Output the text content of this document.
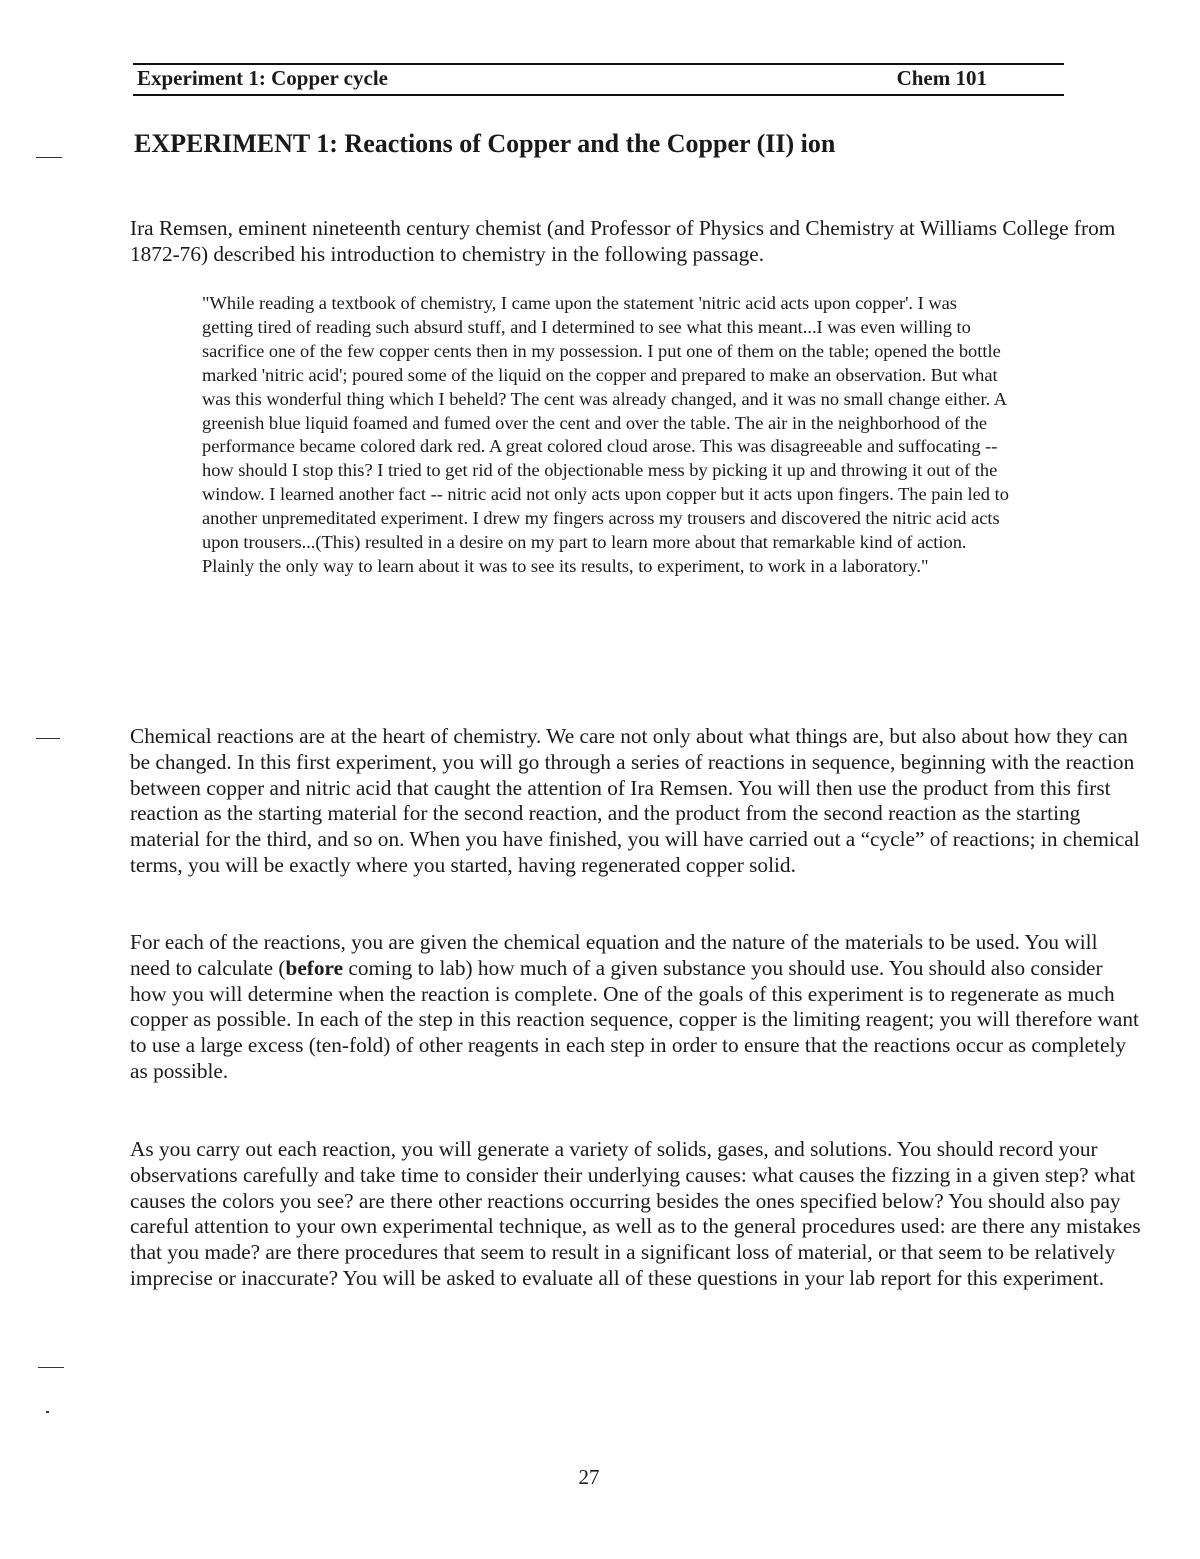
Experiment 1: Copper cycle	Chem 101
EXPERIMENT 1: Reactions of Copper and the Copper (II) ion

Ira Remsen, eminent nineteenth century chemist (and Professor of Physics and Chemistry at Williams College from 1872-76) described his introduction to chemistry in the following passage.

"While reading a textbook of chemistry, I came upon the statement 'nitric acid acts upon copper'. I was getting tired of reading such absurd stuff, and I determined to see what this meant...I was even willing to sacrifice one of the few copper cents then in my possession. I put one of them on the table; opened the bottle marked 'nitric acid'; poured some of the liquid on the copper and prepared to make an observation. But what was this wonderful thing which I beheld? The cent was already changed, and it was no small change either. A greenish blue liquid foamed and fumed over the cent and over the table. The air in the neighborhood of the performance became colored dark red. A great colored cloud arose. This was disagreeable and suffocating -- how should I stop this? I tried to get rid of the objectionable mess by picking it up and throwing it out of the window. I learned another fact -- nitric acid not only acts upon copper but it acts upon fingers. The pain led to another unpremeditated experiment. I drew my fingers across my trousers and discovered the nitric acid acts upon trousers...(This) resulted in a desire on my part to learn more about that remarkable kind of action. Plainly the only way to learn about it was to see its results, to experiment, to work in a laboratory."

Chemical reactions are at the heart of chemistry. We care not only about what things are, but also about how they can be changed. In this first experiment, you will go through a series of reactions in sequence, beginning with the reaction between copper and nitric acid that caught the attention of Ira Remsen. You will then use the product from this first reaction as the starting material for the second reaction, and the product from the second reaction as the starting material for the third, and so on. When you have finished, you will have carried out a “cycle” of reactions; in chemical terms, you will be exactly where you started, having regenerated copper solid.

For each of the reactions, you are given the chemical equation and the nature of the materials to be used. You will need to calculate (before coming to lab) how much of a given substance you should use. You should also consider how you will determine when the reaction is complete. One of the goals of this experiment is to regenerate as much copper as possible. In each of the step in this reaction sequence, copper is the limiting reagent; you will therefore want to use a large excess (ten-fold) of other reagents in each step in order to ensure that the reactions occur as completely as possible.

As you carry out each reaction, you will generate a variety of solids, gases, and solutions. You should record your observations carefully and take time to consider their underlying causes: what causes the fizzing in a given step? what causes the colors you see? are there other reactions occurring besides the ones specified below? You should also pay careful attention to your own experimental technique, as well as to the general procedures used: are there any mistakes that you made? are there procedures that seem to result in a significant loss of material, or that seem to be relatively imprecise or inaccurate? You will be asked to evaluate all of these questions in your lab report for this experiment.

27
